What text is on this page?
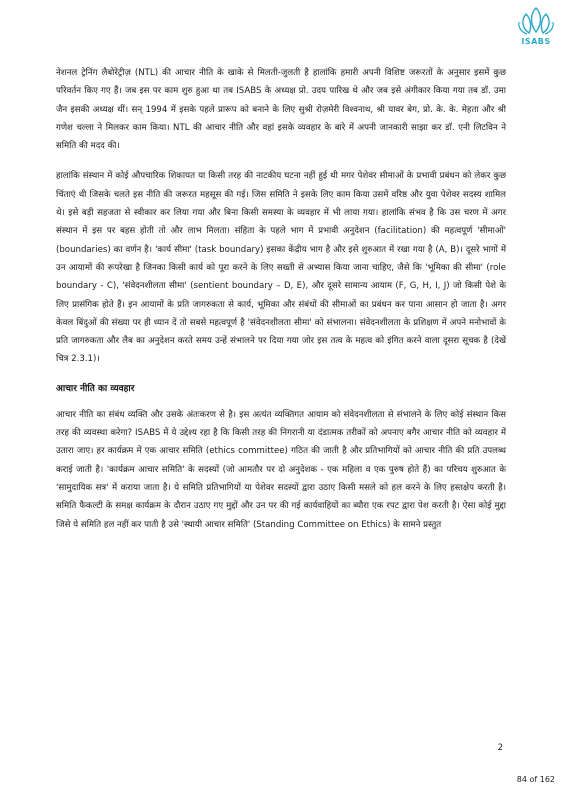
ISABS

नेशनल ट्रेनिंग लैबोरेट्रीज़ (NTL) की आचार नीति के खाके से मिलती-जुलती है हालांकि हमारी अपनी विशिष्ट जरूरतों के अनुसार इसमें कुछ परिवर्तन किए गए हैं। जब इस पर काम शुरु हुआ था तब ISABS के अध्यक्ष प्रो. उदय पारिख थे और जब इसे अंगीकार किया गया तब डॉ. उमा जैन इसकी अध्यक्ष थीं। सन् 1994 में इसके पहले प्रारूप को बनाने के लिए सुश्री रोज़मेरी विश्वनाथ, श्री यावर बेग, प्रो. के. के. मेहता और श्री गणेश चल्ला ने मिलकर काम किया। NTL की आचार नीति और वहां इसके व्यवहार के बारे में अपनी जानकारी साझा कर डॉ. एनी लिटविन ने समिति की मदद की।

हालांकि संस्थान में कोई औपचारिक शिकायत या किसी तरह की नाटकीय घटना नहीं हुई थी मगर पेशेवर सीमाओं के प्रभावी प्रबंधन को लेकर कुछ चिंताएं थी जिसके चलते इस नीति की जरूरत महसूस की गई। जिस समिति ने इसके लिए काम किया उसमें वरिष्ठ और युवा पेशेवर सदस्य शामिल थे। इसे बड़ी सहजता से स्वीकार कर लिया गया और बिना किसी समस्या के व्यवहार में भी लाया गया। हालांकि संभव है कि उस चरण में अगर संस्थान में इस पर बहस होती तो और लाभ मिलता। संहिता के पहले भाग में प्रभावी अनुदेशन (facilitation) की महत्वपूर्ण 'सीमाओं' (boundaries) का वर्णन है। 'कार्य सीमा' (task boundary) इसका केंद्रीय भाग है और इसे शुरुआत में रखा गया है (A, B)। दूसरे भागों में उन आयामों की रूपरेखा है जिनका किसी कार्य को पूरा करने के लिए सख्ती से अभ्यास किया जाना चाहिए, जैसे कि 'भूमिका की सीमा' (role boundary - C), 'संवेदनशीलता सीमा' (sentient boundary – D, E), और दूसरे सामान्य आयाम (F, G, H, I, J) जो किसी पेशे के लिए प्रासंगिक होते हैं। इन आयामों के प्रति जागरुकता से कार्य, भूमिका और संबंधों की सीमाओं का प्रबंधन कर पाना आसान हो जाता है। अगर केवल बिंदुओं की संख्या पर ही ध्यान दें तो सबसे महत्वपूर्ण है 'संवेदनशीलता सीमा' को संभालना। संवेदनशीलता के प्रशिक्षण में अपने मनोभावों के प्रति जागरुकता और लैब का अनुदेशन करते समय उन्हें संभालने पर दिया गया जोर इस तत्व के महत्व को इंगित करने वाला दूसरा सूचक है (देखें चित्र 2.3.1)।

आचार नीति का व्यवहार

आचार नीति का संबंध व्यक्ति और उसके अंतःकरण से है। इस अत्यंत व्यक्तिगत आयाम को संवेदनशीलता से संभालने के लिए कोई संस्थान किस तरह की व्यवस्था करेगा? ISABS में ये उद्देश्य रहा है कि किसी तरह की निगरानी या दंडात्मक तरीकों को अपनाए बगैर आचार नीति को व्यवहार में उतारा जाए। हर कार्यक्रम में एक आचार समिति (ethics committee) गठित की जाती है और प्रतिभागियों को आचार नीति की प्रति उपलब्ध कराई जाती है। 'कार्यक्रम आचार समिति' के सदस्यों (जो आमतौर पर दो अनुदेशक - एक महिला व एक पुरुष होते हैं) का परिचय शुरुआत के 'सामुदायिक सत्र' में कराया जाता है। ये समिति प्रतिभागियों या पेशेवर सदस्यों द्वारा उठाए किसी मसले को हल करने के लिए हस्तक्षेप करती है। समिति फैकल्टी के समक्ष कार्यक्रम के दौरान उठाए गए मुद्दों और उन पर की गई कार्यवाहियों का ब्यौरा एक रपट द्वारा पेश करती है। ऐसा कोई मुद्दा जिसे ये समिति हल नहीं कर पाती है उसे 'स्थायी आचार समिति' (Standing Committee on Ethics) के सामने प्रस्तुत

2
84 of 162
